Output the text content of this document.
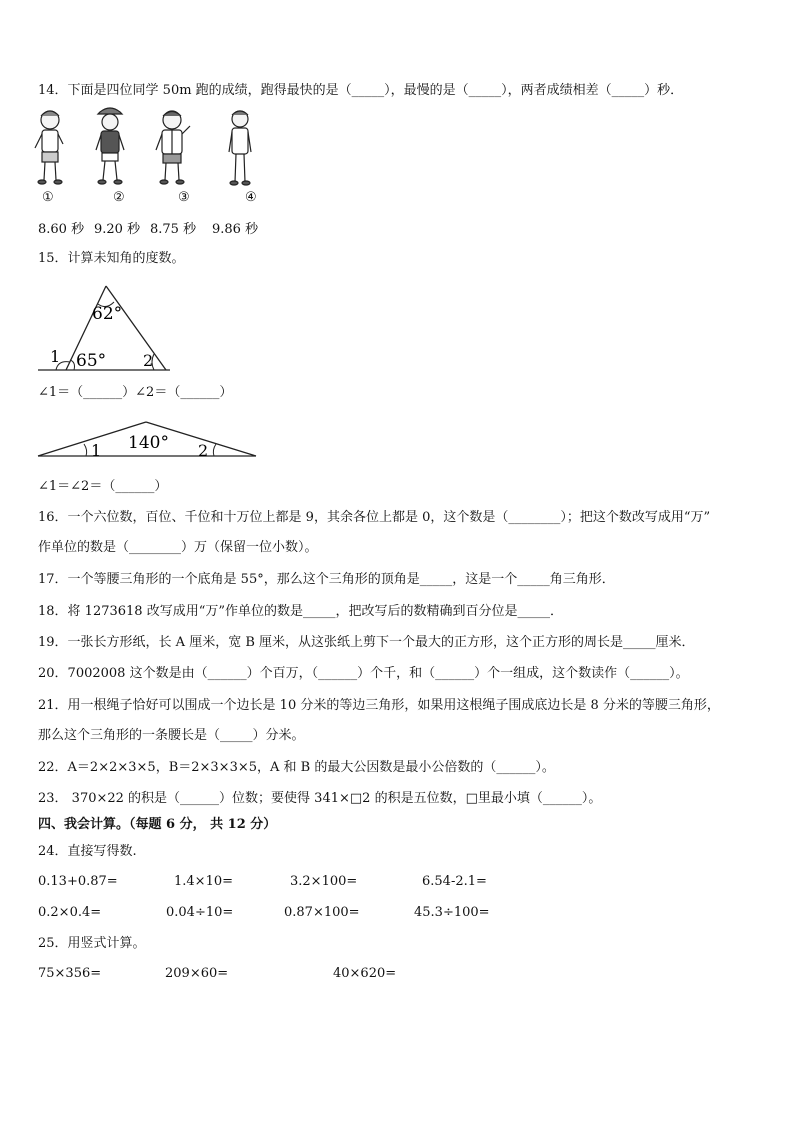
14．下面是四位同学 50m 跑的成绩，跑得最快的是（_____），最慢的是（_____），两者成绩相差（_____）秒．
①	②	③	④
8.60 秒 9.20 秒 8.75 秒 9.86 秒
15．计算未知角的度数。
62°
65°
1	2
∠1＝（______）∠2＝（______）
140°
1	2
∠1＝∠2＝（______）
16．一个六位数，百位、千位和十万位上都是 9，其余各位上都是 0，这个数是（________）；把这个数改写成用“万”
作单位的数是（________）万（保留一位小数）。
17．一个等腰三角形的一个底角是 55°，那么这个三角形的顶角是_____，这是一个_____角三角形．
18．将 1273618 改写成用“万”作单位的数是_____，把改写后的数精确到百分位是_____．
19．一张长方形纸，长 A 厘米，宽 B 厘米，从这张纸上剪下一个最大的正方形，这个正方形的周长是_____厘米．
20．7002008 这个数是由（______）个百万，（______）个千，和（______）个一组成，这个数读作（______）。
21．用一根绳子恰好可以围成一个边长是 10 分米的等边三角形，如果用这根绳子围成底边长是 8 分米的等腰三角形，
那么这个三角形的一条腰长是（_____）分米。
22．A＝2×2×3×5，B＝2×3×3×5，A 和 B 的最大公因数是最小公倍数的（______）。
23． 370×22 的积是（______）位数；要使得 341×□2 的积是五位数，□里最小填（______）。
四、我会计算。（每题 6 分， 共 12 分）
24．直接写得数.
0.13+0.87=	1.4×10=	3.2×100=	6.54-2.1=
0.2×0.4=	0.04÷10=	0.87×100=	45.3÷100=
25．用竖式计算。
75×356=	209×60=	40×620=
